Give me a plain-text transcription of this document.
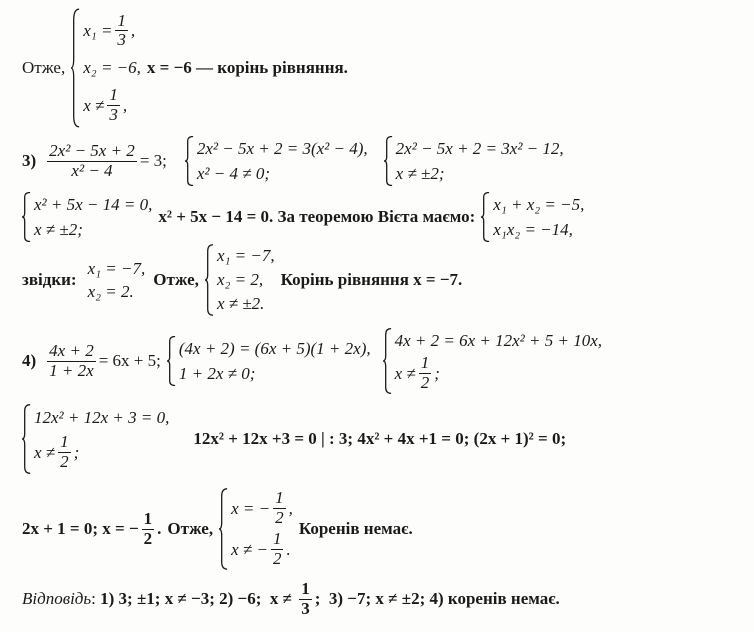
Отже,
$x_1 = \frac{1}{3}$ ,
x₂ = −6,
$x \ne \frac{1}{3}$ ,
x = −6 — корінь рівняння.
$3) \frac{\text{2x² − 5x + 2}}{\text{x² − 4}} = 3$;
2x² − 5x + 2 = 3(x² − 4),
x² − 4 ≠ 0;
2x² − 5x + 2 = 3x² − 12,
x ≠ ±2;
x² + 5x − 14 = 0,
x ≠ ±2;
x² + 5x − 14 = 0. За теоремою Вієта маємо:
x₁ + x₂ = −5,
x₁x₂ = −14,
звідки:
x₁ = −7,
x₂ = 2.
Отже,
x₁ = −7,
x₂ = 2,
x ≠ ±2.
Корінь рівняння x = −7.
$4) \frac{4x + 2}{1 + 2x} = 6x + 5$;
(4x + 2) = (6x + 5)(1 + 2x),
1 + 2x ≠ 0;
4x + 2 = 6x + 12x² + 5 + 10x,
$x \ne \frac{1}{2}$ ;
12x² + 12x + 3 = 0,
$x \ne \frac{1}{2}$ ;
12x² + 12x +3 = 0 | : 3; 4x² + 4x +1 = 0; (2x + 1)² = 0;
2x + 1 = 0; x = − $\frac{1}{2}$ . Отже,
x = − $\frac{1}{2}$ ,
x ≠ − $\frac{1}{2}$ .
Коренів немає.
Відповідь : 1) 3; ±1; x ≠ −3; 2) −6;  $x \ne \frac{1}{3}$ ;  3) −7; x ≠ ±2; 4) коренів немає.
